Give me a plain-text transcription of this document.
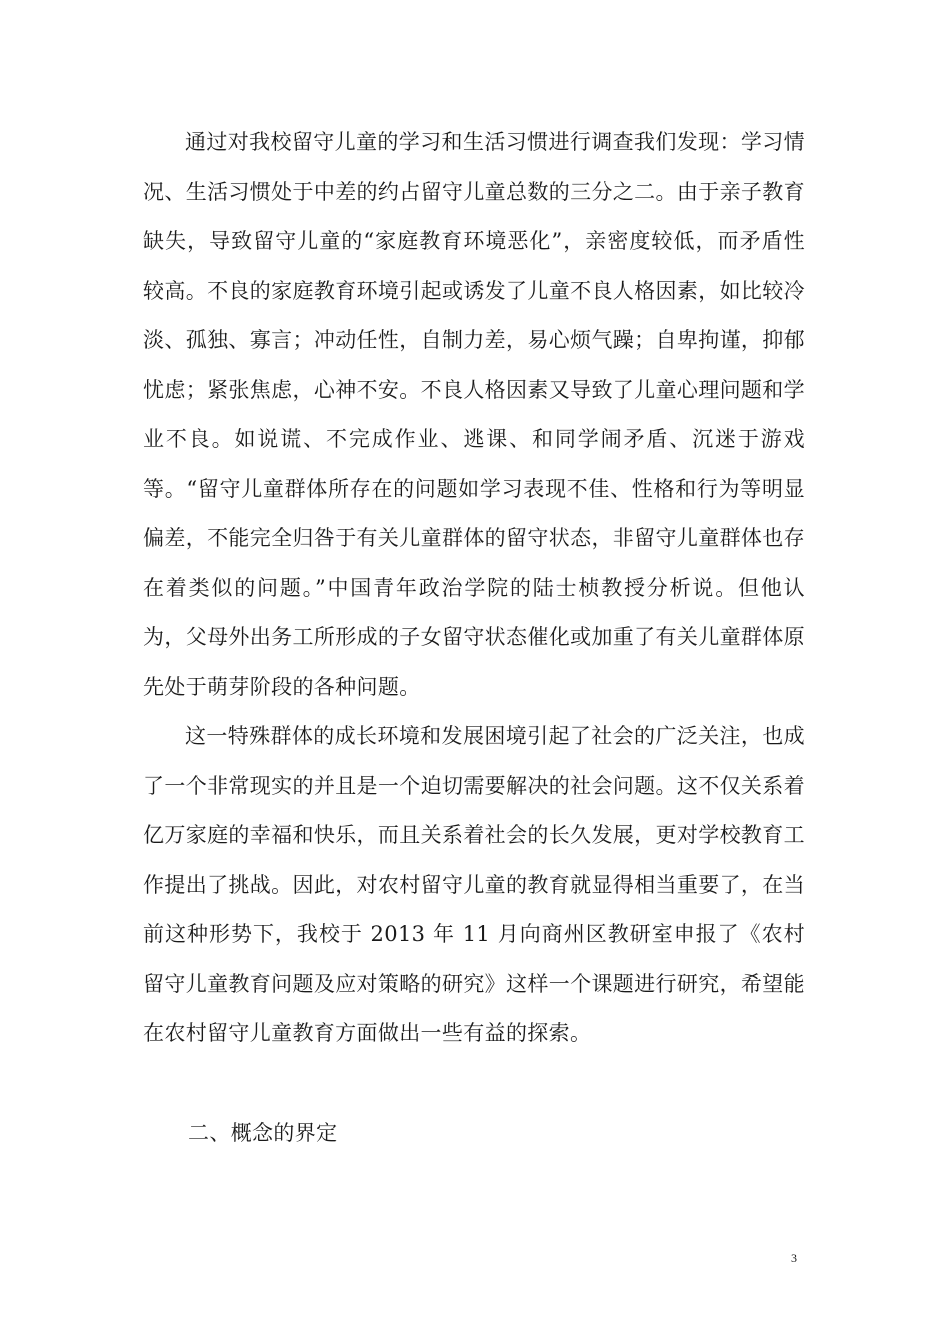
通过对我校留守儿童的学习和生活习惯进行调查我们发现：学习情况、生活习惯处于中差的约占留守儿童总数的三分之二。由于亲子教育缺失，导致留守儿童的“家庭教育环境恶化”，亲密度较低，而矛盾性较高。不良的家庭教育环境引起或诱发了儿童不良人格因素，如比较冷淡、孤独、寡言；冲动任性，自制力差，易心烦气躁；自卑拘谨，抑郁忧虑；紧张焦虑，心神不安。不良人格因素又导致了儿童心理问题和学业不良。如说谎、不完成作业、逃课、和同学闹矛盾、沉迷于游戏等。“留守儿童群体所存在的问题如学习表现不佳、性格和行为等明显偏差，不能完全归咎于有关儿童群体的留守状态，非留守儿童群体也存在着类似的问题。”中国青年政治学院的陆士桢教授分析说。但他认为，父母外出务工所形成的子女留守状态催化或加重了有关儿童群体原先处于萌芽阶段的各种问题。

这一特殊群体的成长环境和发展困境引起了社会的广泛关注，也成了一个非常现实的并且是一个迫切需要解决的社会问题。这不仅关系着亿万家庭的幸福和快乐，而且关系着社会的长久发展，更对学校教育工作提出了挑战。因此，对农村留守儿童的教育就显得相当重要了，在当前这种形势下，我校于 2013 年 11 月向商州区教研室申报了《农村留守儿童教育问题及应对策略的研究》这样一个课题进行研究，希望能在农村留守儿童教育方面做出一些有益的探索。

二、概念的界定
3
